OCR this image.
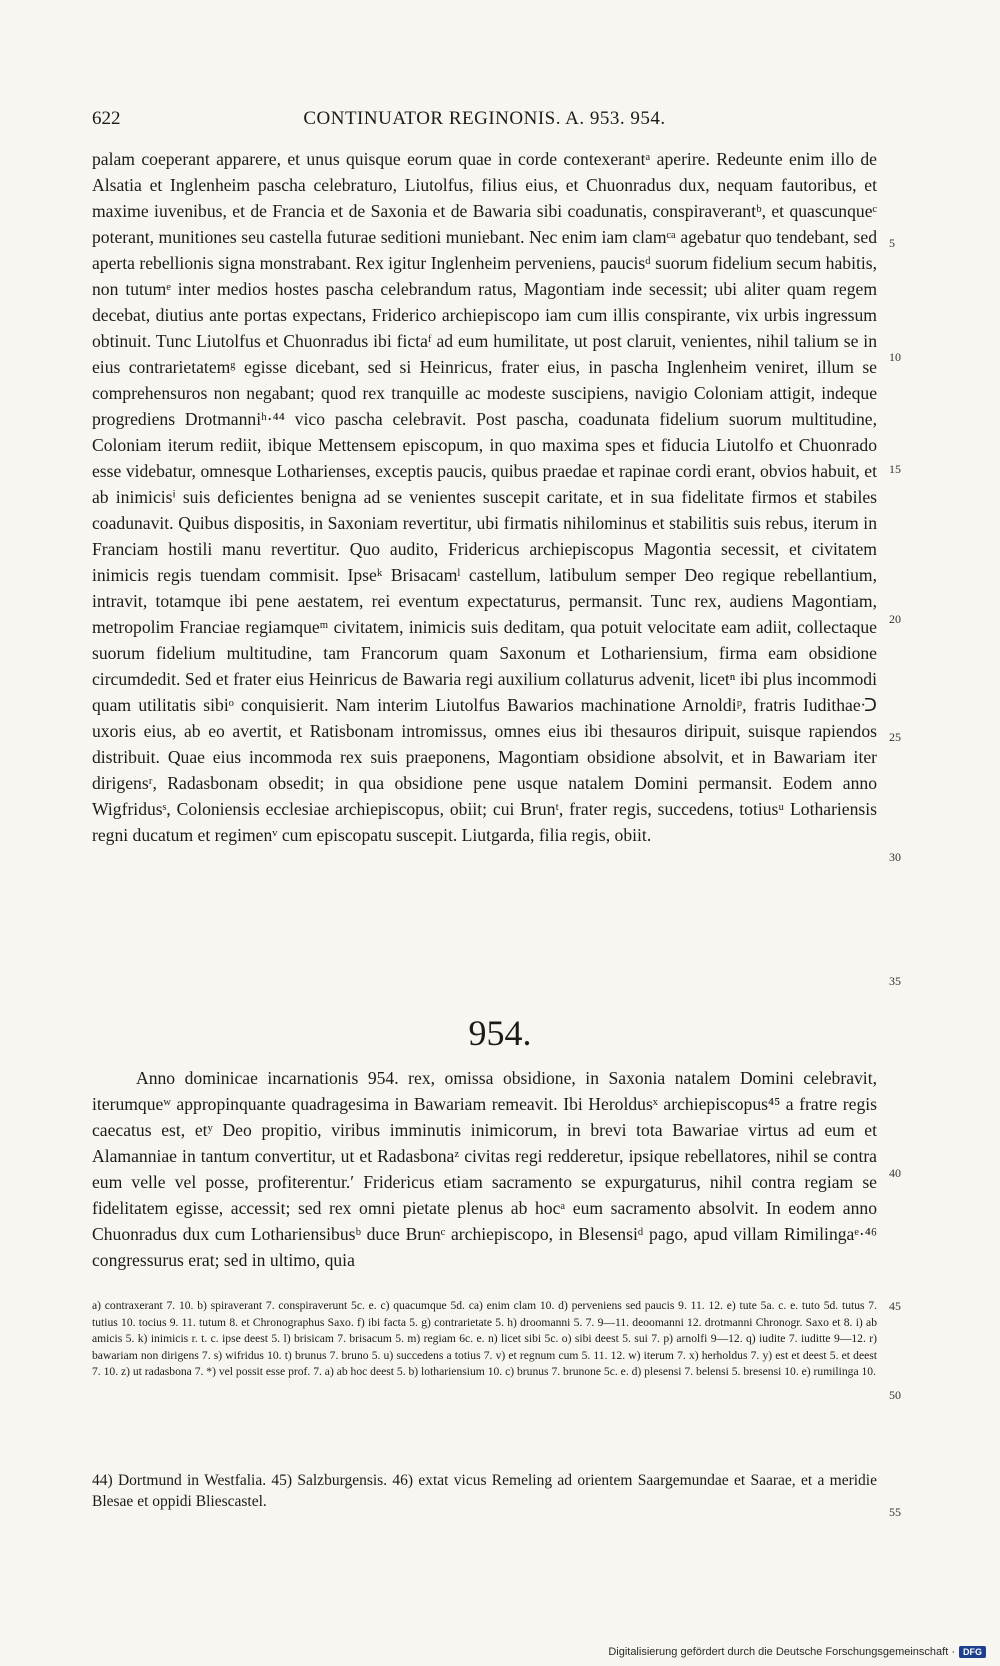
622	CONTINUATOR REGINONIS. A. 953. 954.

palam coeperant apparere, et unus quisque eorum quae in corde contexerantᵃ aperire. Redeunte enim illo de Alsatia et Inglenheim pascha celebraturo, Liutolfus, filius eius, et Chuonradus dux, nequam fautoribus, et maxime iuvenibus, et de Francia et de Saxonia et de Bawaria sibi coadunatis, conspiraverantᵇ, et quascunqueᶜ poterant, munitiones seu castella futurae seditioni muniebant. Nec enim iam clamᶜᵃ agebatur quo tendebant, sed aperta rebellionis signa monstrabant. Rex igitur Inglenheim perveniens, paucisᵈ suorum fidelium secum habitis, non tutumᵉ inter medios hostes pascha celebrandum ratus, Magontiam inde secessit; ubi aliter quam regem decebat, diutius ante portas expectans, Friderico archiepiscopo iam cum illis conspirante, vix urbis ingressum obtinuit. Tunc Liutolfus et Chuonradus ibi fictaᶠ ad eum humilitate, ut post claruit, venientes, nihil talium se in eius contrarietatemᵍ egisse dicebant, sed si Heinricus, frater eius, in pascha Inglenheim veniret, illum se comprehensuros non negabant; quod rex tranquille ac modeste suscipiens, navigio Coloniam attigit, indeque progrediens Drotmanniʰ·⁴⁴ vico pascha celebravit. Post pascha, coadunata fidelium suorum multitudine, Coloniam iterum rediit, ibique Mettensem episcopum, in quo maxima spes et fiducia Liutolfo et Chuonrado esse videbatur, omnesque Lotharienses, exceptis paucis, quibus praedae et rapinae cordi erant, obvios habuit, et ab inimicisⁱ suis deficientes benigna ad se venientes suscepit caritate, et in sua fidelitate firmos et stabiles coadunavit. Quibus dispositis, in Saxoniam revertitur, ubi firmatis nihilominus et stabilitis suis rebus, iterum in Franciam hostili manu revertitur. Quo audito, Fridericus archiepiscopus Magontia secessit, et civitatem inimicis regis tuendam commisit. Ipseᵏ Brisacamˡ castellum, latibulum semper Deo regique rebellantium, intravit, totamque ibi pene aestatem, rei eventum expectaturus, permansit. Tunc rex, audiens Magontiam, metropolim Franciae regiamqueᵐ civitatem, inimicis suis deditam, qua potuit velocitate eam adiit, collectaque suorum fidelium multitudine, tam Francorum quam Saxonum et Lothariensium, firma eam obsidione circumdedit. Sed et frater eius Heinricus de Bawaria regi auxilium collaturus advenit, licetⁿ ibi plus incommodi quam utilitatis sibiᵒ conquisierit. Nam interim Liutolfus Bawarios machinatione Arnoldiᵖ, fratris Iudithaeᑝ uxoris eius, ab eo avertit, et Ratisbonam intromissus, omnes eius ibi thesauros diripuit, suisque rapiendos distribuit. Quae eius incommoda rex suis praeponens, Magontiam obsidione absolvit, et in Bawariam iter dirigensʳ, Radasbonam obsedit; in qua obsidione pene usque natalem Domini permansit. Eodem anno Wigfridusˢ, Coloniensis ecclesiae archiepiscopus, obiit; cui Brunᵗ, frater regis, succedens, totiusᵘ Lothariensis regni ducatum et regimenᵛ cum episcopatu suscepit. Liutgarda, filia regis, obiit.

954.

Anno dominicae incarnationis 954. rex, omissa obsidione, in Saxonia natalem Domini celebravit, iterumqueʷ appropinquante quadragesima in Bawariam remeavit. Ibi Heroldusˣ archiepiscopus⁴⁵ a fratre regis caecatus est, etʸ Deo propitio, viribus imminutis inimicorum, in brevi tota Bawariae virtus ad eum et Alamanniae in tantum convertitur, ut et Radasbonaᶻ civitas regi redderetur, ipsique rebellatores, nihil se contra eum velle vel posse, profiterentur.′ Fridericus etiam sacramento se expurgaturus, nihil contra regiam se fidelitatem egisse, accessit; sed rex omni pietate plenus ab hocᵃ eum sacramento absolvit. In eodem anno Chuonradus dux cum Lothariensibusᵇ duce Brunᶜ archiepiscopo, in Blesensiᵈ pago, apud villam Rimilingaᵉ·⁴⁶ congressurus erat; sed in ultimo, quia

5
10
15
20
25
30
35
40
45
50
55

a) contraxerant 7. 10. b) spiraverant 7. conspiraverunt 5c. e. c) quacumque 5d. ca) enim clam 10. d) perveniens sed paucis 9. 11. 12. e) tute 5a. c. e. tuto 5d. tutus 7. tutius 10. tocius 9. 11. tutum 8. et Chronographus Saxo. f) ibi facta 5. g) contrarietate 5. h) droomanni 5. 7. 9—11. deoomanni 12. drotmanni Chronogr. Saxo et 8. i) ab amicis 5. k) inimicis r. t. c. ipse deest 5. l) brisicam 7. brisacum 5. m) regiam 6c. e. n) licet sibi 5c. o) sibi deest 5. sui 7. p) arnolfi 9—12. q) iudite 7. iuditte 9—12. r) bawariam non dirigens 7. s) wifridus 10. t) brunus 7. bruno 5. u) succedens a totius 7. v) et regnum cum 5. 11. 12. w) iterum 7. x) herholdus 7. y) est et deest 5. et deest 7. 10. z) ut radasbona 7. *) vel possit esse prof. 7. a) ab hoc deest 5. b) lothariensium 10. c) brunus 7. brunone 5c. e. d) plesensi 7. belensi 5. bresensi 10. e) rumilinga 10.

44) Dortmund in Westfalia. 45) Salzburgensis. 46) extat vicus Remeling ad orientem Saargemundae et Saarae, et a meridie Blesae et oppidi Bliescastel.

Digitalisierung gefördert durch die Deutsche Forschungsgemeinschaft · DFG
